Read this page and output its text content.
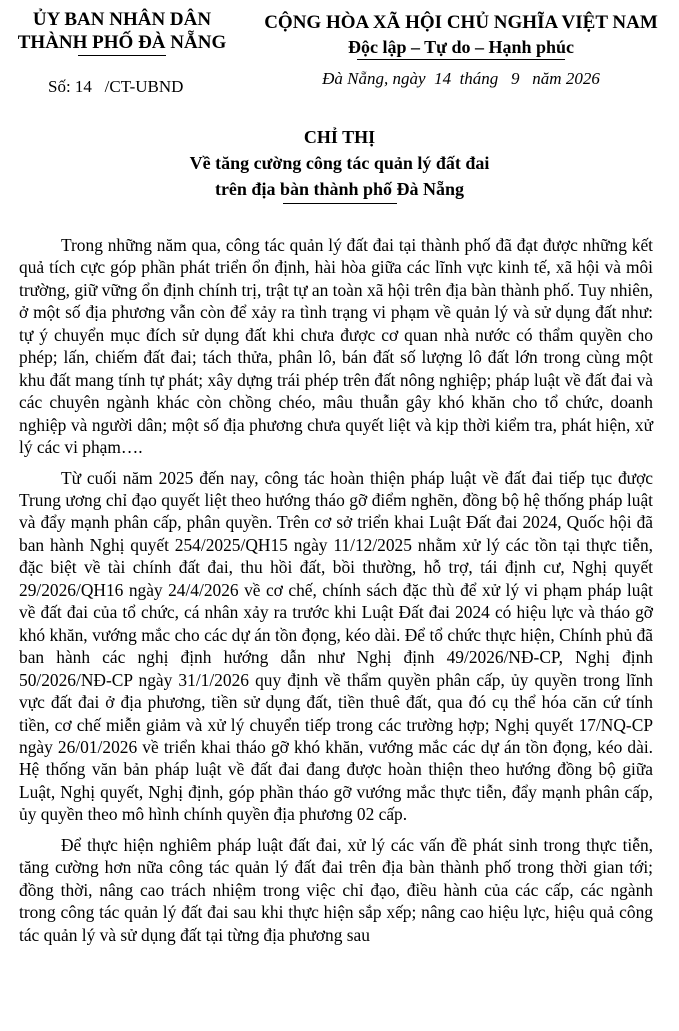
ỦY BAN NHÂN DÂN
THÀNH PHỐ ĐÀ NẴNG
Số: 14   /CT-UBND
CỘNG HÒA XÃ HỘI CHỦ NGHĨA VIỆT NAM
Độc lập – Tự do – Hạnh phúc
Đà Nẵng, ngày  14  tháng   9   năm 2026
CHỈ THỊ
Về tăng cường công tác quản lý đất đai
trên địa bàn thành phố Đà Nẵng

Trong những năm qua, công tác quản lý đất đai tại thành phố đã đạt được những kết quả tích cực góp phần phát triển ổn định, hài hòa giữa các lĩnh vực kinh tế, xã hội và môi trường, giữ vững ổn định chính trị, trật tự an toàn xã hội trên địa bàn thành phố. Tuy nhiên, ở một số địa phương vẫn còn để xảy ra tình trạng vi phạm về quản lý và sử dụng đất như: tự ý chuyển mục đích sử dụng đất khi chưa được cơ quan nhà nước có thẩm quyền cho phép; lấn, chiếm đất đai; tách thửa, phân lô, bán đất số lượng lô đất lớn trong cùng một khu đất mang tính tự phát; xây dựng trái phép trên đất nông nghiệp; pháp luật về đất đai và các chuyên ngành khác còn chồng chéo, mâu thuẫn gây khó khăn cho tổ chức, doanh nghiệp và người dân; một số địa phương chưa quyết liệt và kịp thời kiểm tra, phát hiện, xử lý các vi phạm….

Từ cuối năm 2025 đến nay, công tác hoàn thiện pháp luật về đất đai tiếp tục được Trung ương chỉ đạo quyết liệt theo hướng tháo gỡ điểm nghẽn, đồng bộ hệ thống pháp luật và đẩy mạnh phân cấp, phân quyền. Trên cơ sở triển khai Luật Đất đai 2024, Quốc hội đã ban hành Nghị quyết 254/2025/QH15 ngày 11/12/2025 nhằm xử lý các tồn tại thực tiễn, đặc biệt về tài chính đất đai, thu hồi đất, bồi thường, hỗ trợ, tái định cư, Nghị quyết 29/2026/QH16 ngày 24/4/2026 về cơ chế, chính sách đặc thù để xử lý vi phạm pháp luật về đất đai của tổ chức, cá nhân xảy ra trước khi Luật Đất đai 2024 có hiệu lực và tháo gỡ khó khăn, vướng mắc cho các dự án tồn đọng, kéo dài. Để tổ chức thực hiện, Chính phủ đã ban hành các nghị định hướng dẫn như Nghị định 49/2026/NĐ-CP, Nghị định 50/2026/NĐ-CP ngày 31/1/2026 quy định về thẩm quyền phân cấp, ủy quyền trong lĩnh vực đất đai ở địa phương, tiền sử dụng đất, tiền thuê đất, qua đó cụ thể hóa căn cứ tính tiền, cơ chế miễn giảm và xử lý chuyển tiếp trong các trường hợp; Nghị quyết 17/NQ-CP ngày 26/01/2026 về triển khai tháo gỡ khó khăn, vướng mắc các dự án tồn đọng, kéo dài. Hệ thống văn bản pháp luật về đất đai đang được hoàn thiện theo hướng đồng bộ giữa Luật, Nghị quyết, Nghị định, góp phần tháo gỡ vướng mắc thực tiễn, đẩy mạnh phân cấp, ủy quyền theo mô hình chính quyền địa phương 02 cấp.

Để thực hiện nghiêm pháp luật đất đai, xử lý các vấn đề phát sinh trong thực tiễn, tăng cường hơn nữa công tác quản lý đất đai trên địa bàn thành phố trong thời gian tới; đồng thời, nâng cao trách nhiệm trong việc chỉ đạo, điều hành của các cấp, các ngành trong công tác quản lý đất đai sau khi thực hiện sắp xếp; nâng cao hiệu lực, hiệu quả công tác quản lý và sử dụng đất tại từng địa phương sau
